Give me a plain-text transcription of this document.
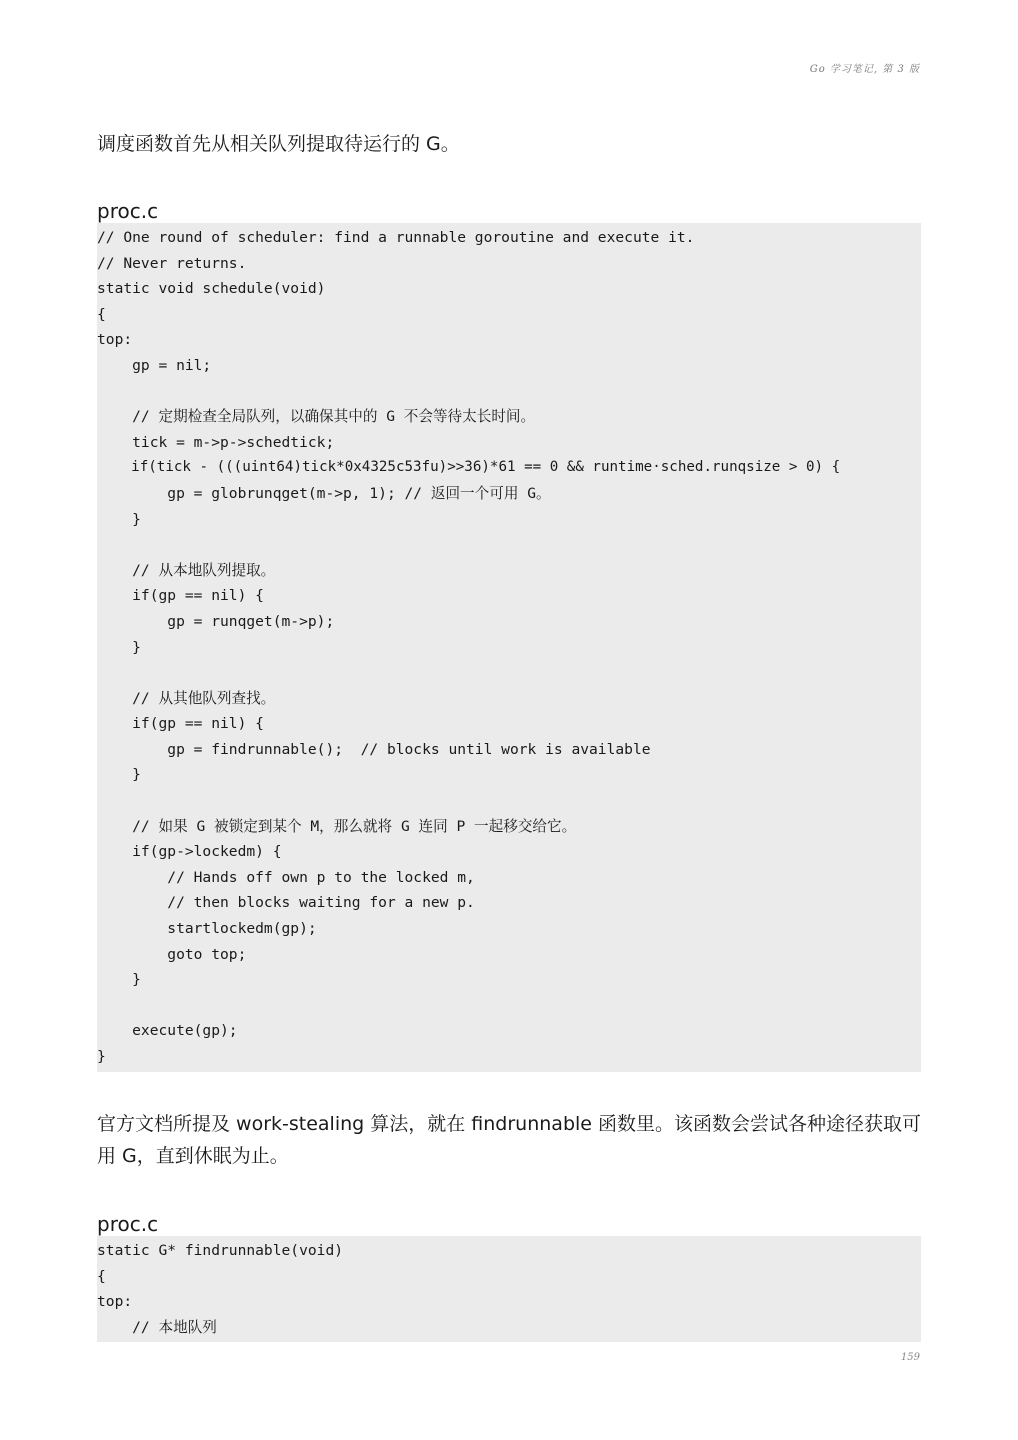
Go 学习笔记, 第 3 版

调度函数首先从相关队列提取待运行的 G。

proc.c

// One round of scheduler: find a runnable goroutine and execute it.
// Never returns.
static void schedule(void)
{
top:
gp = nil;
// 定期检查全局队列，以确保其中的 G 不会等待太长时间。
tick = m->p->schedtick;
if(tick - (((uint64)tick*0x4325c53fu)>>36)*61 == 0 && runtime·sched.runqsize > 0) {
gp = globrunqget(m->p, 1); // 返回一个可用 G。
}
// 从本地队列提取。
if(gp == nil) {
gp = runqget(m->p);
}
// 从其他队列查找。
if(gp == nil) {
gp = findrunnable();  // blocks until work is available
}
// 如果 G 被锁定到某个 M，那么就将 G 连同 P 一起移交给它。
if(gp->lockedm) {
// Hands off own p to the locked m,
// then blocks waiting for a new p.
startlockedm(gp);
goto top;
}
execute(gp);
}

官方文档所提及 work-stealing 算法，就在 findrunnable 函数里。该函数会尝试各种途径获取可用 G，直到休眠为止。

proc.c

static G* findrunnable(void)
{
top:
// 本地队列
159
